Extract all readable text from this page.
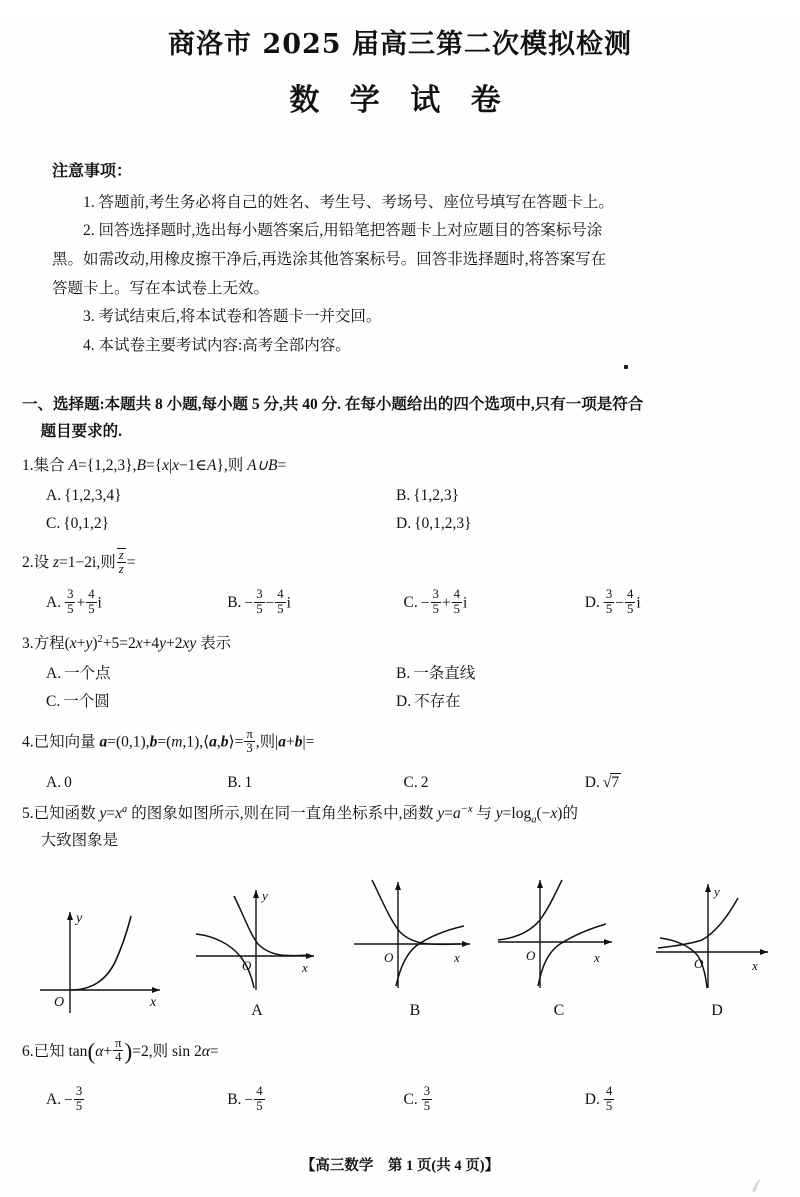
商洛市 2025 届高三第二次模拟检测
数 学 试 卷
注意事项：
1. 答题前,考生务必将自己的姓名、考生号、考场号、座位号填写在答题卡上。
2. 回答选择题时,选出每小题答案后,用铅笔把答题卡上对应题目的答案标号涂
黑。如需改动,用橡皮擦干净后,再选涂其他答案标号。回答非选择题时,将答案写在
答题卡上。写在本试卷上无效。
3. 考试结束后,将本试卷和答题卡一并交回。
4. 本试卷主要考试内容:高考全部内容。
一、选择题:本题共 8 小题,每小题 5 分,共 40 分. 在每小题给出的四个选项中,只有一项是符合
题目要求的.
1.集合 A={1,2,3},B={x|x−1∈A},则 A∪B=
A. {1,2,3,4}	B. {1,2,3}
C. {0,1,2}	D. {0,1,2,3}
2.设 z=1−2i,则 $\frac{z}{z}$ =
A. $\frac{3}{5} + \frac{4}{5}$ i	B. − $\frac{3}{5} - \frac{4}{5}$ i	C. − $\frac{3}{5} + \frac{4}{5}$ i	D. $\frac{3}{5} - \frac{4}{5}$ i
3.方程$(x+y)^2+5=2x+4y+2xy$ 表示
A. 一个点	B. 一条直线
C. 一个圆	D. 不存在
4.已知向量 a=(0,1),b=(m,1),⟨a,b⟩= $\frac{\pi}{3}$ ,则|a+b|=
A. 0	B. 1	C. 2	D. √7
5.已知函数 $y=x^a$ 的图象如图所示,则在同一直角坐标系中,函数 $y=a^{-x}$ 与 $y=\log_a(-x)$的
大致图象是
y
x
O
y
x
O
A
x
O
B
x
O
C
y
x
O
D
6.已知 $\tan(\alpha+ \frac{\pi}{4} )=2$,则 sin 2α=
A. − $\frac{3}{5}$	B. − $\frac{4}{5}$	C. $\frac{3}{5}$	D. $\frac{4}{5}$
【高三数学　第 1 页(共 4 页)】
